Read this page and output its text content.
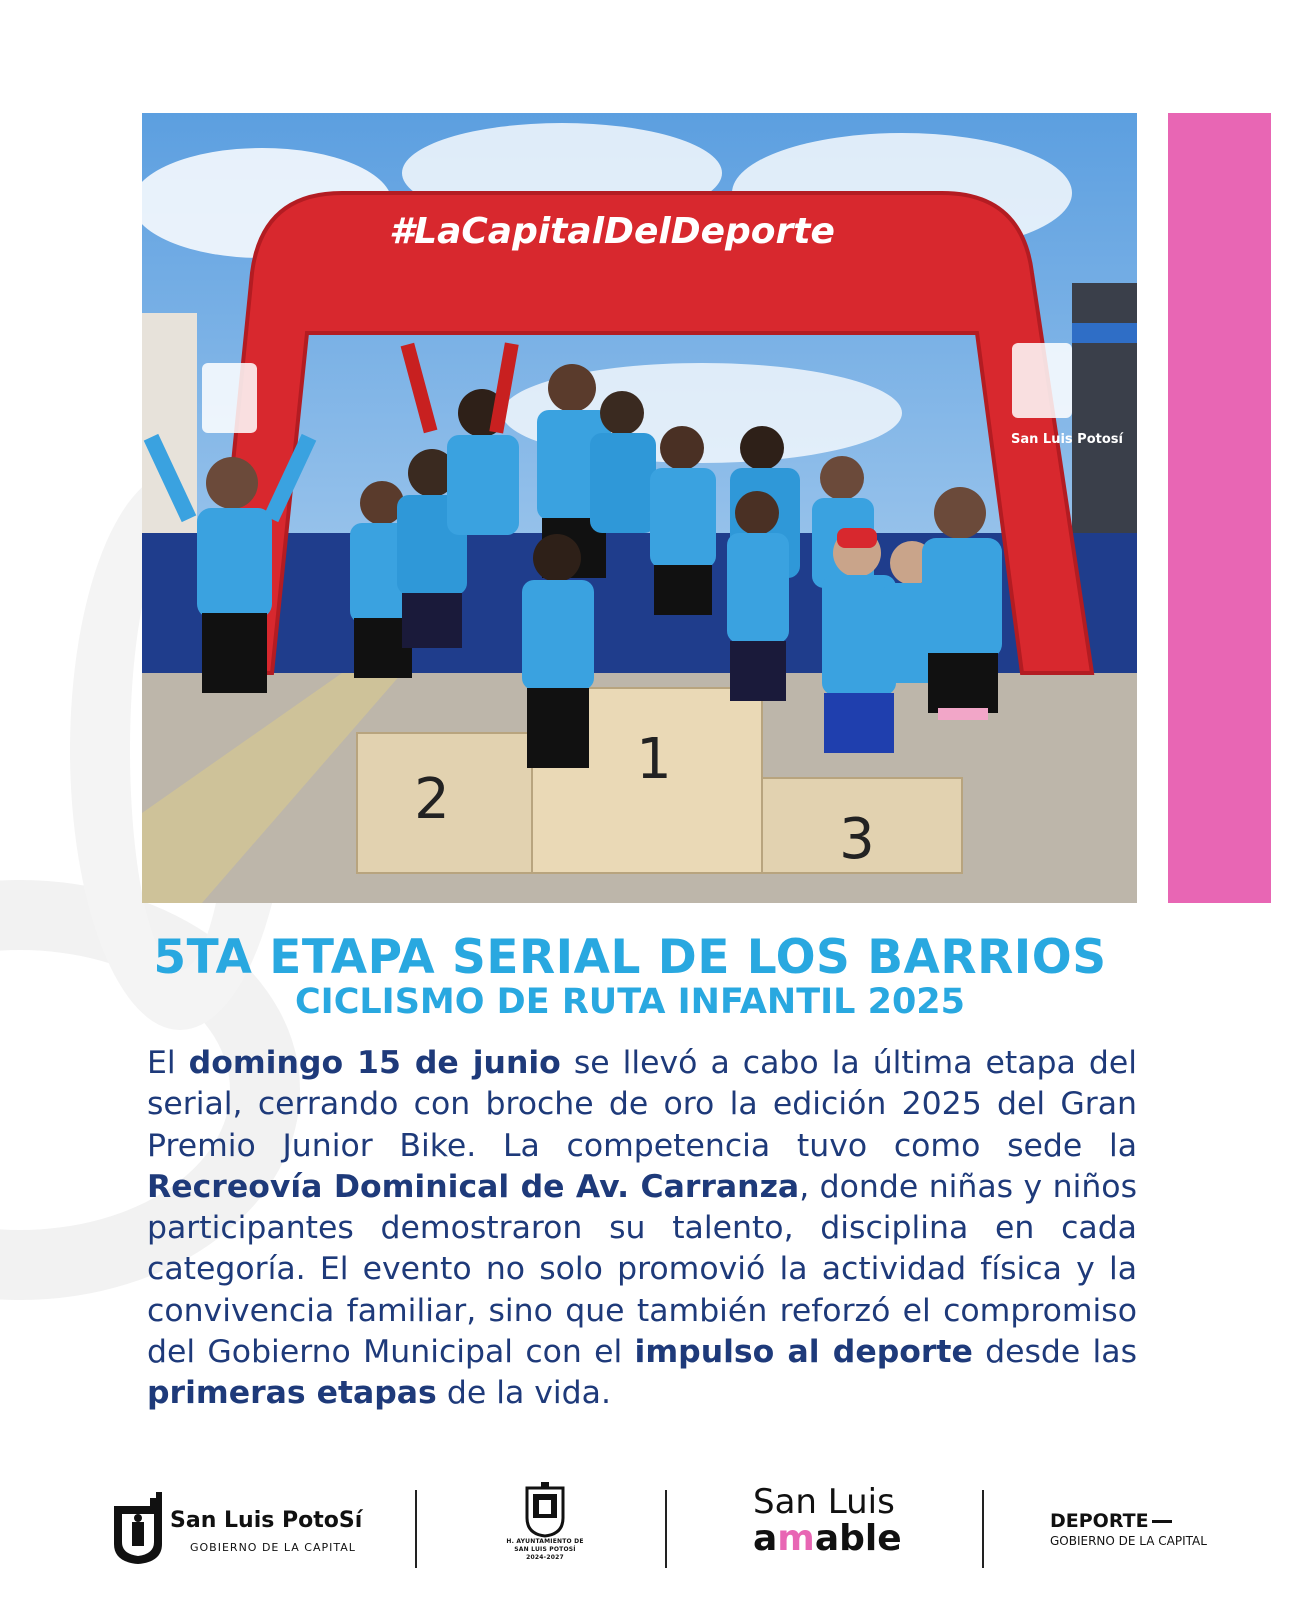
#LaCapitalDelDeporte
San Luis Potosí
1
2
3
5TA ETAPA SERIAL DE LOS BARRIOS
CICLISMO DE RUTA INFANTIL 2025
El domingo 15 de junio se llevó a cabo la última etapa del serial, cerrando con broche de oro la edición 2025 del Gran Premio Junior Bike. La competencia tuvo como sede la Recreovía Dominical de Av. Carranza, donde niñas y niños participantes demostraron su talento, disciplina en cada categoría. El evento no solo promovió la actividad física y la convivencia familiar, sino que también reforzó el compromiso del Gobierno Municipal con el impulso al deporte desde las primeras etapas de la vida.
San Luis PotoSí
GOBIERNO DE LA CAPITAL	H. AYUNTAMIENTO DE
SAN LUIS POTOSÍ
2024-2027
San Luis
amable	DEPORTE
GOBIERNO DE LA CAPITAL
